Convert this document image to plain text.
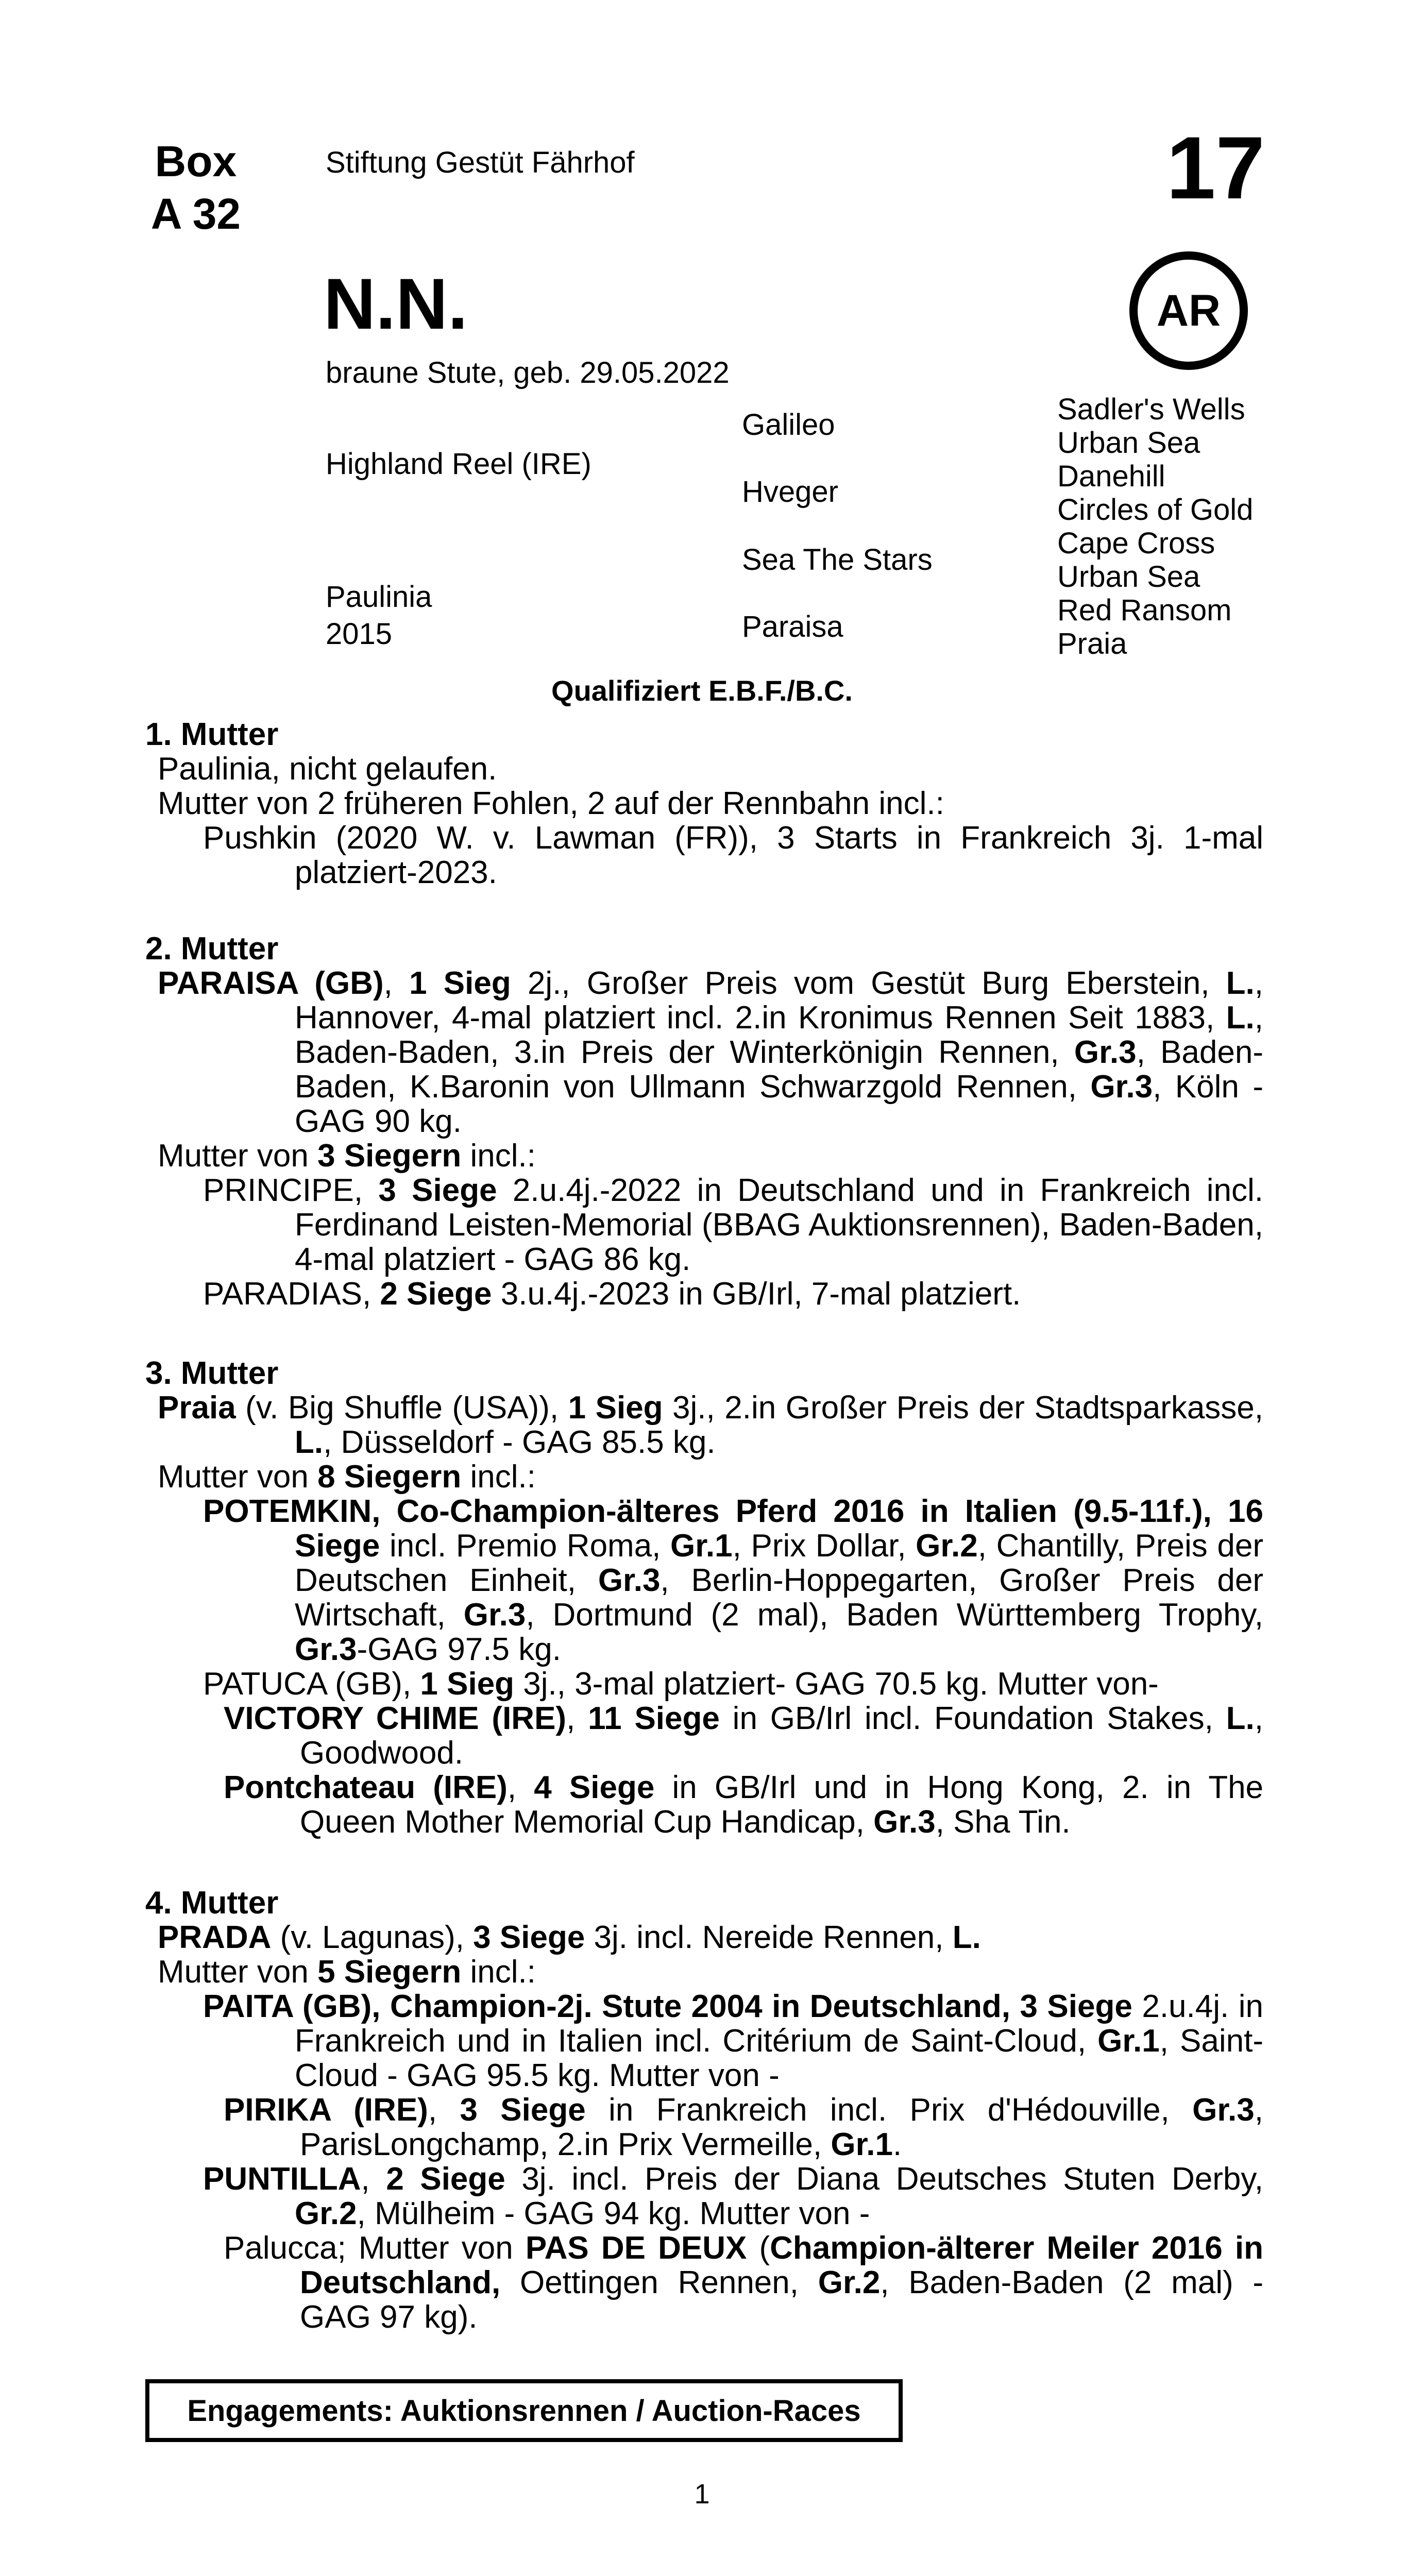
Box
A 32
Stiftung Gestüt Fährhof	17
AR
N.N.
braune Stute, geb. 29.05.2022
Highland Reel (IRE)
Paulinia
2015
Galileo
Hveger
Sea The Stars
Paraisa
Sadler's Wells
Urban Sea
Danehill
Circles of Gold
Cape Cross
Urban Sea
Red Ransom
Praia
Qualifiziert E.B.F./B.C.
1. Mutter
Paulinia, nicht gelaufen.
Mutter von 2 früheren Fohlen, 2 auf der Rennbahn incl.:
Pushkin (2020 W. v. Lawman (FR)), 3 Starts in Frankreich 3j. 1-mal platziert-2023.
2. Mutter
PARAISA (GB), 1 Sieg 2j., Großer Preis vom Gestüt Burg Eberstein, L., Hannover, 4-mal platziert incl. 2.in Kronimus Rennen Seit 1883, L., Baden-Baden, 3.in Preis der Winterkönigin Rennen, Gr.3, Baden-Baden, K.Baronin von Ullmann Schwarzgold Rennen, Gr.3, Köln - GAG 90 kg.
Mutter von 3 Siegern incl.:
PRINCIPE, 3 Siege 2.u.4j.-2022 in Deutschland und in Frankreich incl. Ferdinand Leisten-Memorial (BBAG Auktionsrennen), Baden-Baden, 4-mal platziert - GAG 86 kg.
PARADIAS, 2 Siege 3.u.4j.-2023 in GB/Irl, 7-mal platziert.
3. Mutter
Praia (v. Big Shuffle (USA)), 1 Sieg 3j., 2.in Großer Preis der Stadtsparkasse, L., Düsseldorf - GAG 85.5 kg.
Mutter von 8 Siegern incl.:
POTEMKIN, Co-Champion-älteres Pferd 2016 in Italien (9.5-11f.), 16 Siege incl. Premio Roma, Gr.1, Prix Dollar, Gr.2, Chantilly, Preis der Deutschen Einheit, Gr.3, Berlin-Hoppegarten, Großer Preis der Wirtschaft, Gr.3, Dortmund (2 mal), Baden Württemberg Trophy, Gr.3-GAG 97.5 kg.
PATUCA (GB), 1 Sieg 3j., 3-mal platziert- GAG 70.5 kg. Mutter von-
VICTORY CHIME (IRE), 11 Siege in GB/Irl incl. Foundation Stakes, L., Goodwood.
Pontchateau (IRE), 4 Siege in GB/Irl und in Hong Kong, 2. in The Queen Mother Memorial Cup Handicap, Gr.3, Sha Tin.
4. Mutter
PRADA (v. Lagunas), 3 Siege 3j. incl. Nereide Rennen, L.
Mutter von 5 Siegern incl.:
PAITA (GB), Champion-2j. Stute 2004 in Deutschland, 3 Siege 2.u.4j. in Frankreich und in Italien incl. Critérium de Saint-Cloud, Gr.1, Saint-Cloud - GAG 95.5 kg. Mutter von -
PIRIKA (IRE), 3 Siege in Frankreich incl. Prix d'Hédouville, Gr.3, ParisLongchamp, 2.in Prix Vermeille, Gr.1.
PUNTILLA, 2 Siege 3j. incl. Preis der Diana Deutsches Stuten Derby, Gr.2, Mülheim - GAG 94 kg. Mutter von -
Palucca; Mutter von PAS DE DEUX (Champion-älterer Meiler 2016 in Deutschland, Oettingen Rennen, Gr.2, Baden-Baden (2 mal) - GAG 97 kg).
Engagements: Auktionsrennen / Auction-Races
1
